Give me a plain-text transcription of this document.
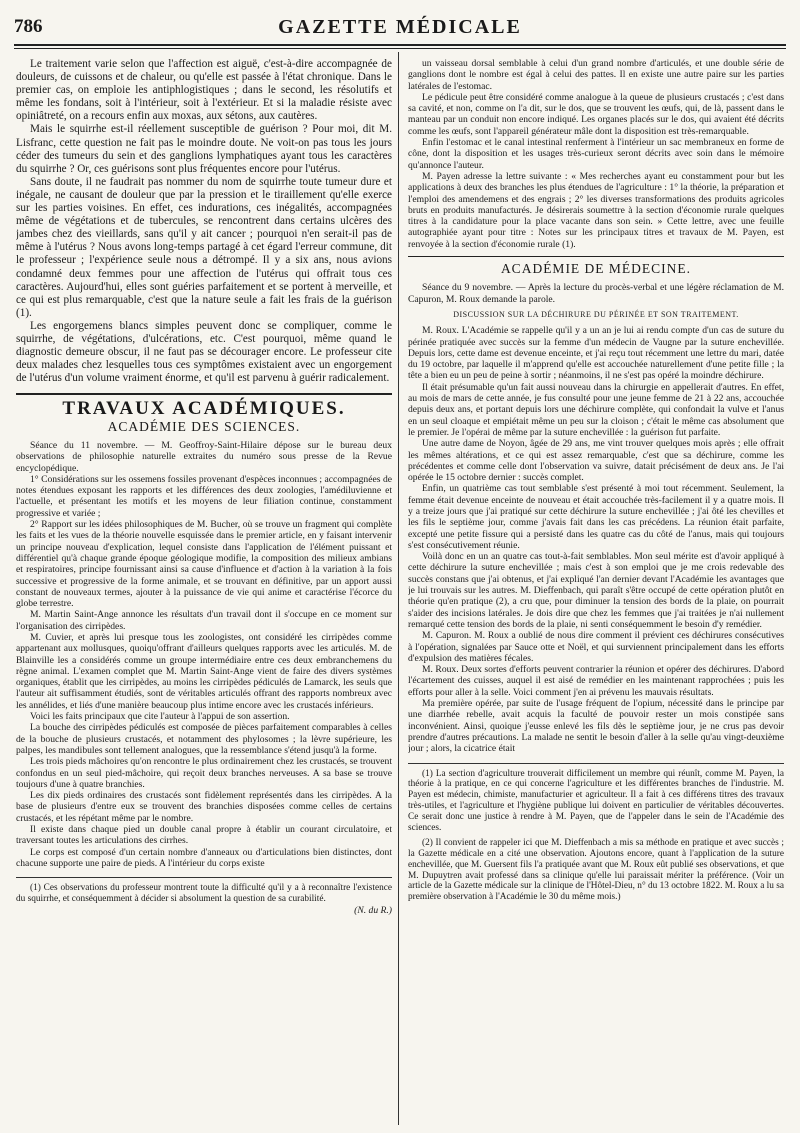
786	GAZETTE MÉDICALE

Le traitement varie selon que l'affection est aiguë, c'est-à-dire accompagnée de douleurs, de cuissons et de chaleur, ou qu'elle est passée à l'état chronique. Dans le premier cas, on emploie les antiphlogistiques ; dans le second, les résolutifs et même les fondans, soit à l'intérieur, soit à l'extérieur. Et si la maladie résiste avec opiniâtreté, on a recours enfin aux moxas, aux sétons, aux cautères.

Mais le squirrhe est-il réellement susceptible de guérison ? Pour moi, dit M. Lisfranc, cette question ne fait pas le moindre doute. Ne voit-on pas tous les jours céder des tumeurs du sein et des ganglions lymphatiques ayant tous les caractères du squirrhe ? Or, ces guérisons sont plus fréquentes encore pour l'utérus.

Sans doute, il ne faudrait pas nommer du nom de squirrhe toute tumeur dure et inégale, ne causant de douleur que par la pression et le tiraillement qu'elle exerce sur les parties voisines. En effet, ces indurations, ces inégalités, accompagnées même de végétations et de tubercules, se rencontrent dans certains ulcères des jambes chez des vieillards, sans qu'il y ait cancer ; pourquoi n'en serait-il pas de même à l'utérus ? Nous avons long-temps partagé à cet égard l'erreur commune, dit le professeur ; l'expérience seule nous a détrompé. Il y a six ans, nous avions condamné deux femmes pour une affection de l'utérus qui offrait tous ces caractères. Aujourd'hui, elles sont guéries parfaitement et se portent à merveille, et ce qui est plus remarquable, c'est que la nature seule a fait les frais de la guérison (1).

Les engorgemens blancs simples peuvent donc se compliquer, comme le squirrhe, de végétations, d'ulcérations, etc. C'est pourquoi, même quand le diagnostic demeure obscur, il ne faut pas se décourager encore. Le professeur cite deux malades chez lesquelles tous ces symptômes existaient avec un engorgement de l'utérus d'un volume vraiment énorme, et qu'il est parvenu à guérir radicalement.

TRAVAUX ACADÉMIQUES.
ACADÉMIE DES SCIENCES.

Séance du 11 novembre. — M. Geoffroy-Saint-Hilaire dépose sur le bureau deux observations de philosophie naturelle extraites du numéro sous presse de la Revue encyclopédique.

1° Considérations sur les ossemens fossiles provenant d'espèces inconnues ; accompagnées de notes étendues exposant les rapports et les différences des deux zoologies, l'amédiluvienne et l'actuelle, et présentant les motifs et les moyens de leur filiation continue, constamment progressive et variée ;

2° Rapport sur les idées philosophiques de M. Bucher, où se trouve un fragment qui complète les faits et les vues de la théorie nouvelle esquissée dans le premier article, en y faisant intervenir un principe nouveau d'explication, lequel consiste dans l'application de l'élément puissant et différentiel qu'à chaque grande époque géologique modifie, la composition des milieux ambians et respiratoires, principe fournissant ainsi sa cause d'influence et d'action à la variation à la fois successive et progressive de la forme animale, et se trouvant en définitive, par un apport aussi constant de nouveaux termes, ajouter à la puissance de vie qui anime et caractérise l'écorce du globe terrestre.

M. Martin Saint-Ange annonce les résultats d'un travail dont il s'occupe en ce moment sur l'organisation des cirripèdes.

M. Cuvier, et après lui presque tous les zoologistes, ont considéré les cirripèdes comme appartenant aux mollusques, quoiqu'offrant d'ailleurs quelques rapports avec les articulés. M. de Blainville les a considérés comme un groupe intermédiaire entre ces deux embranchemens du règne animal. L'examen complet que M. Martin Saint-Ange vient de faire des divers systèmes organiques, établit que les cirripèdes, au moins les cirripèdes pédiculés de Lamarck, les seuls que l'auteur ait suffisamment étudiés, sont de véritables articulés offrant des rapports nombreux avec les annélides, et liés d'une manière beaucoup plus intime encore avec les crustacés inférieurs.

Voici les faits principaux que cite l'auteur à l'appui de son assertion.

La bouche des cirripèdes pédiculés est composée de pièces parfaitement comparables à celles de la bouche de plusieurs crustacés, et notamment des phylosomes ; la lèvre supérieure, les palpes, les mandibules sont tellement analogues, que la ressemblance s'étend jusqu'à la forme.

Les trois pieds mâchoires qu'on rencontre le plus ordinairement chez les crustacés, se trouvent confondus en un seul pied-mâchoire, qui reçoit deux branches nerveuses. A sa base se trouve toujours d'une à quatre branchies.

Les dix pieds ordinaires des crustacés sont fidèlement représentés dans les cirripèdes. A la base de plusieurs d'entre eux se trouvent des branchies disposées comme celles de certains crustacés, et les répétant même par le nombre.

Il existe dans chaque pied un double canal propre à établir un courant circulatoire, et traversant toutes les articulations des cirrhes.

Le corps est composé d'un certain nombre d'anneaux ou d'articulations bien distinctes, dont chacune supporte une paire de pieds. A l'intérieur du corps existe

(1) Ces observations du professeur montrent toute la difficulté qu'il y a à reconnaître l'existence du squirrhe, et conséquemment à décider si absolument la question de sa curabilité.

(N. du R.)

un vaisseau dorsal semblable à celui d'un grand nombre d'articulés, et une double série de ganglions dont le nombre est égal à celui des pattes. Il en existe une autre paire sur les parties latérales de l'estomac.

Le pédicule peut être considéré comme analogue à la queue de plusieurs crustacés ; c'est dans sa cavité, et non, comme on l'a dit, sur le dos, que se trouvent les œufs, qui, de là, passent dans le manteau par un conduit non encore indiqué. Les organes placés sur le dos, qui avaient été décrits comme les œufs, sont l'appareil générateur mâle dont la disposition est très-remarquable.

Enfin l'estomac et le canal intestinal renferment à l'intérieur un sac membraneux en forme de cône, dont la disposition et les usages très-curieux seront décrits avec soin dans le mémoire qu'annonce l'auteur.

M. Payen adresse la lettre suivante : « Mes recherches ayant eu constamment pour but les applications à deux des branches les plus étendues de l'agriculture : 1° la théorie, la préparation et l'emploi des amendemens et des engrais ; 2° les diverses transformations des produits agricoles bruts en produits manufacturés. Je désirerais soumettre à la section d'économie rurale quelques titres à la candidature pour la place vacante dans son sein. » Cette lettre, avec une feuille autographiée ayant pour titre : Notes sur les principaux titres et travaux de M. Payen, est renvoyée à la section d'économie rurale (1).

ACADÉMIE DE MÉDECINE.

Séance du 9 novembre. — Après la lecture du procès-verbal et une légère réclamation de M. Capuron, M. Roux demande la parole.

DISCUSSION SUR LA DÉCHIRURE DU PÉRINÉE ET SON TRAITEMENT.

M. Roux. L'Académie se rappelle qu'il y a un an je lui ai rendu compte d'un cas de suture du périnée pratiquée avec succès sur la femme d'un médecin de Vaugne par la suture enchevillée. Depuis lors, cette dame est devenue enceinte, et j'ai reçu tout récemment une lettre du mari, datée du 19 octobre, par laquelle il m'apprend qu'elle est accouchée naturellement d'une petite fille ; la tête a bien eu un peu de peine à sortir ; néanmoins, il ne s'est pas opéré la moindre déchirure.

Il était présumable qu'un fait aussi nouveau dans la chirurgie en appellerait d'autres. En effet, au mois de mars de cette année, je fus consulté pour une jeune femme de 21 à 22 ans, accouchée depuis deux ans, et portant depuis lors une déchirure complète, qui confondait la vulve et l'anus en un seul cloaque et empiétait même un peu sur la cloison ; c'était le même cas absolument que le premier. Je l'opérai de même par la suture enchevillée : la guérison fut parfaite.

Une autre dame de Noyon, âgée de 29 ans, me vint trouver quelques mois après ; elle offrait les mêmes altérations, et ce qui est assez remarquable, c'est que sa déchirure, comme les précédentes et comme celle dont l'observation va suivre, datait précisément de deux ans. Je l'ai opérée le 15 octobre dernier : succès complet.

Enfin, un quatrième cas tout semblable s'est présenté à moi tout récemment. Seulement, la femme était devenue enceinte de nouveau et était accouchée très-facilement il y a quatre mois. Il y a treize jours que j'ai pratiqué sur cette déchirure la suture enchevillée ; j'ai ôté les chevilles et les fils le septième jour, comme j'avais fait dans les cas précédens. La réunion était parfaite, excepté une petite fissure qui a persisté dans les quatre cas du côté de l'anus, mais qui toujours s'est consécutivement réunie.

Voilà donc en un an quatre cas tout-à-fait semblables. Mon seul mérite est d'avoir appliqué à cette déchirure la suture enchevillée ; mais c'est à son emploi que je me crois redevable des succès constans que j'ai obtenus, et j'ai expliqué l'an dernier devant l'Académie les avantages que je lui trouvais sur les autres. M. Dieffenbach, qui paraît s'être occupé de cette opération plutôt en théorie qu'en pratique (2), a cru que, pour diminuer la tension des bords de la plaie, on pourrait s'aider des incisions latérales. Je dois dire que chez les femmes que j'ai traitées je n'ai nullement remarqué cette tension des bords de la plaie, ni senti conséquemment le besoin d'y remédier.

M. Capuron. M. Roux a oublié de nous dire comment il prévient ces déchirures consécutives à l'opération, signalées par Sauce otte et Noël, et qui surviennent principalement dans les efforts d'expulsion des matières fécales.

M. Roux. Deux sortes d'efforts peuvent contrarier la réunion et opérer des déchirures. D'abord l'écartement des cuisses, auquel il est aisé de remédier en les maintenant rapprochées ; puis les efforts pour aller à la selle. Voici comment j'en ai prévenu les mauvais résultats.

Ma première opérée, par suite de l'usage fréquent de l'opium, nécessité dans le principe par une diarrhée rebelle, avait acquis la faculté de pouvoir rester un mois constipée sans inconvénient. Ainsi, quoique j'eusse enlevé les fils dès le septième jour, je ne crus pas devoir prendre d'autres précautions. La malade ne sentit le besoin d'aller à la selle qu'au vingt-deuxième jour ; alors, la cicatrice était

(1) La section d'agriculture trouverait difficilement un membre qui réunît, comme M. Payen, la théorie à la pratique, en ce qui concerne l'agriculture et les différentes branches de l'industrie. M. Payen est médecin, chimiste, manufacturier et agriculteur. Il a fait à ces différens titres des travaux très-utiles, et l'agriculture et l'hygiène publique lui doivent en particulier de véritables découvertes. Ce serait donc une justice à rendre à M. Payen, que de l'appeler dans le sein de l'Académie des sciences.

(2) Il convient de rappeler ici que M. Dieffenbach a mis sa méthode en pratique et avec succès ; la Gazette médicale en a cité une observation. Ajoutons encore, quant à l'application de la suture enchevillée, que M. Guersent fils l'a pratiquée avant que M. Roux eût publié ses observations, et que M. Dupuytren avait professé dans sa clinique qu'elle lui paraissait mériter la préférence. (Voir un article de la Gazette médicale sur la clinique de l'Hôtel-Dieu, n° du 13 octobre 1822. M. Roux a lu sa première observation à l'Académie le 30 du même mois.)
